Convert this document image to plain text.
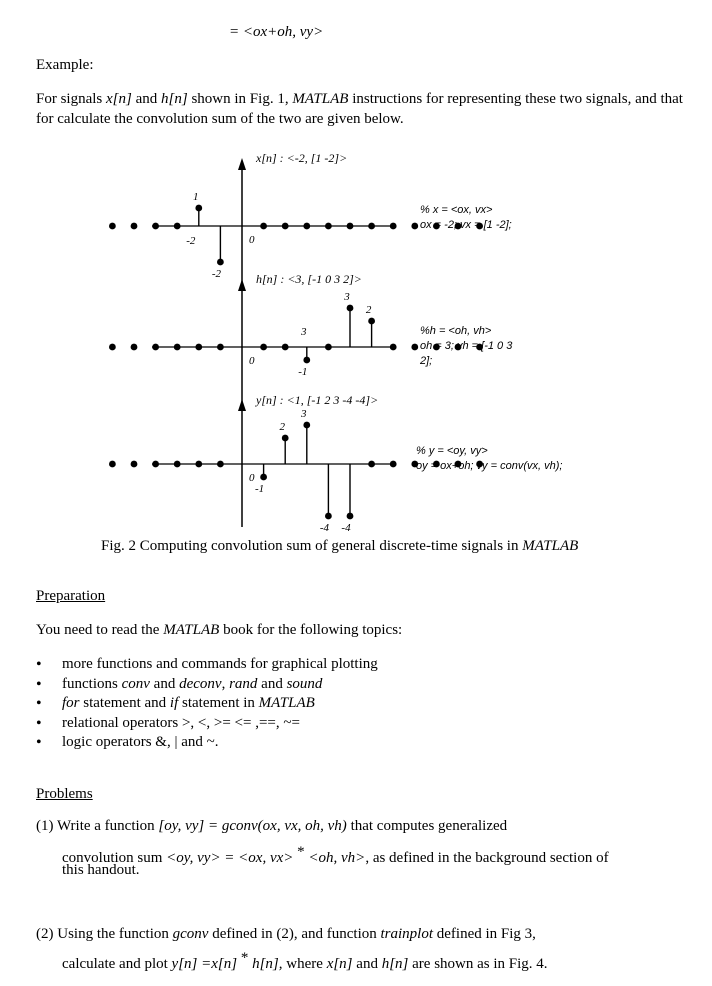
= <ox+oh, vy>
Example:

For signals x[n] and h[n] shown in Fig. 1, MATLAB instructions for representing these two signals, and that for calculate the convolution sum of the two are given below.

0
1
-2
0
-1
3
2
0
-1
2
3
-4 -4
-2
3
x[n] : <-2, [1 -2]>
h[n] : <3, [-1 0 3 2]>
y[n] : <1, [-1 2 3 -4 -4]>
% x = <ox, vx>
ox = -2; vx = [1 -2];
%h = <oh, vh>
oh = 3; vh = [-1 0 3
2];
% y = <oy, vy>
oy = ox+oh; vy = conv(vx, vh);
Fig. 2 Computing convolution sum of general discrete-time signals in MATLAB
Preparation
You need to read the MATLAB book for the following topics:
• more functions and commands for graphical plotting
• functions conv and deconv, rand and sound
• for statement and if statement in MATLAB
• relational operators >, <, >= <= ,==, ~=
• logic operators &, | and ~.
Problems
(1) Write a function [oy, vy] = gconv(ox, vx, oh, vh) that computes generalized
convolution sum <oy, vy> = <ox, vx> * <oh, vh>, as defined in the background section of
this handout.
(2) Using the function gconv defined in (2), and function trainplot defined in Fig 3,
calculate and plot y[n] =x[n] * h[n], where x[n] and h[n] are shown as in Fig. 4.
